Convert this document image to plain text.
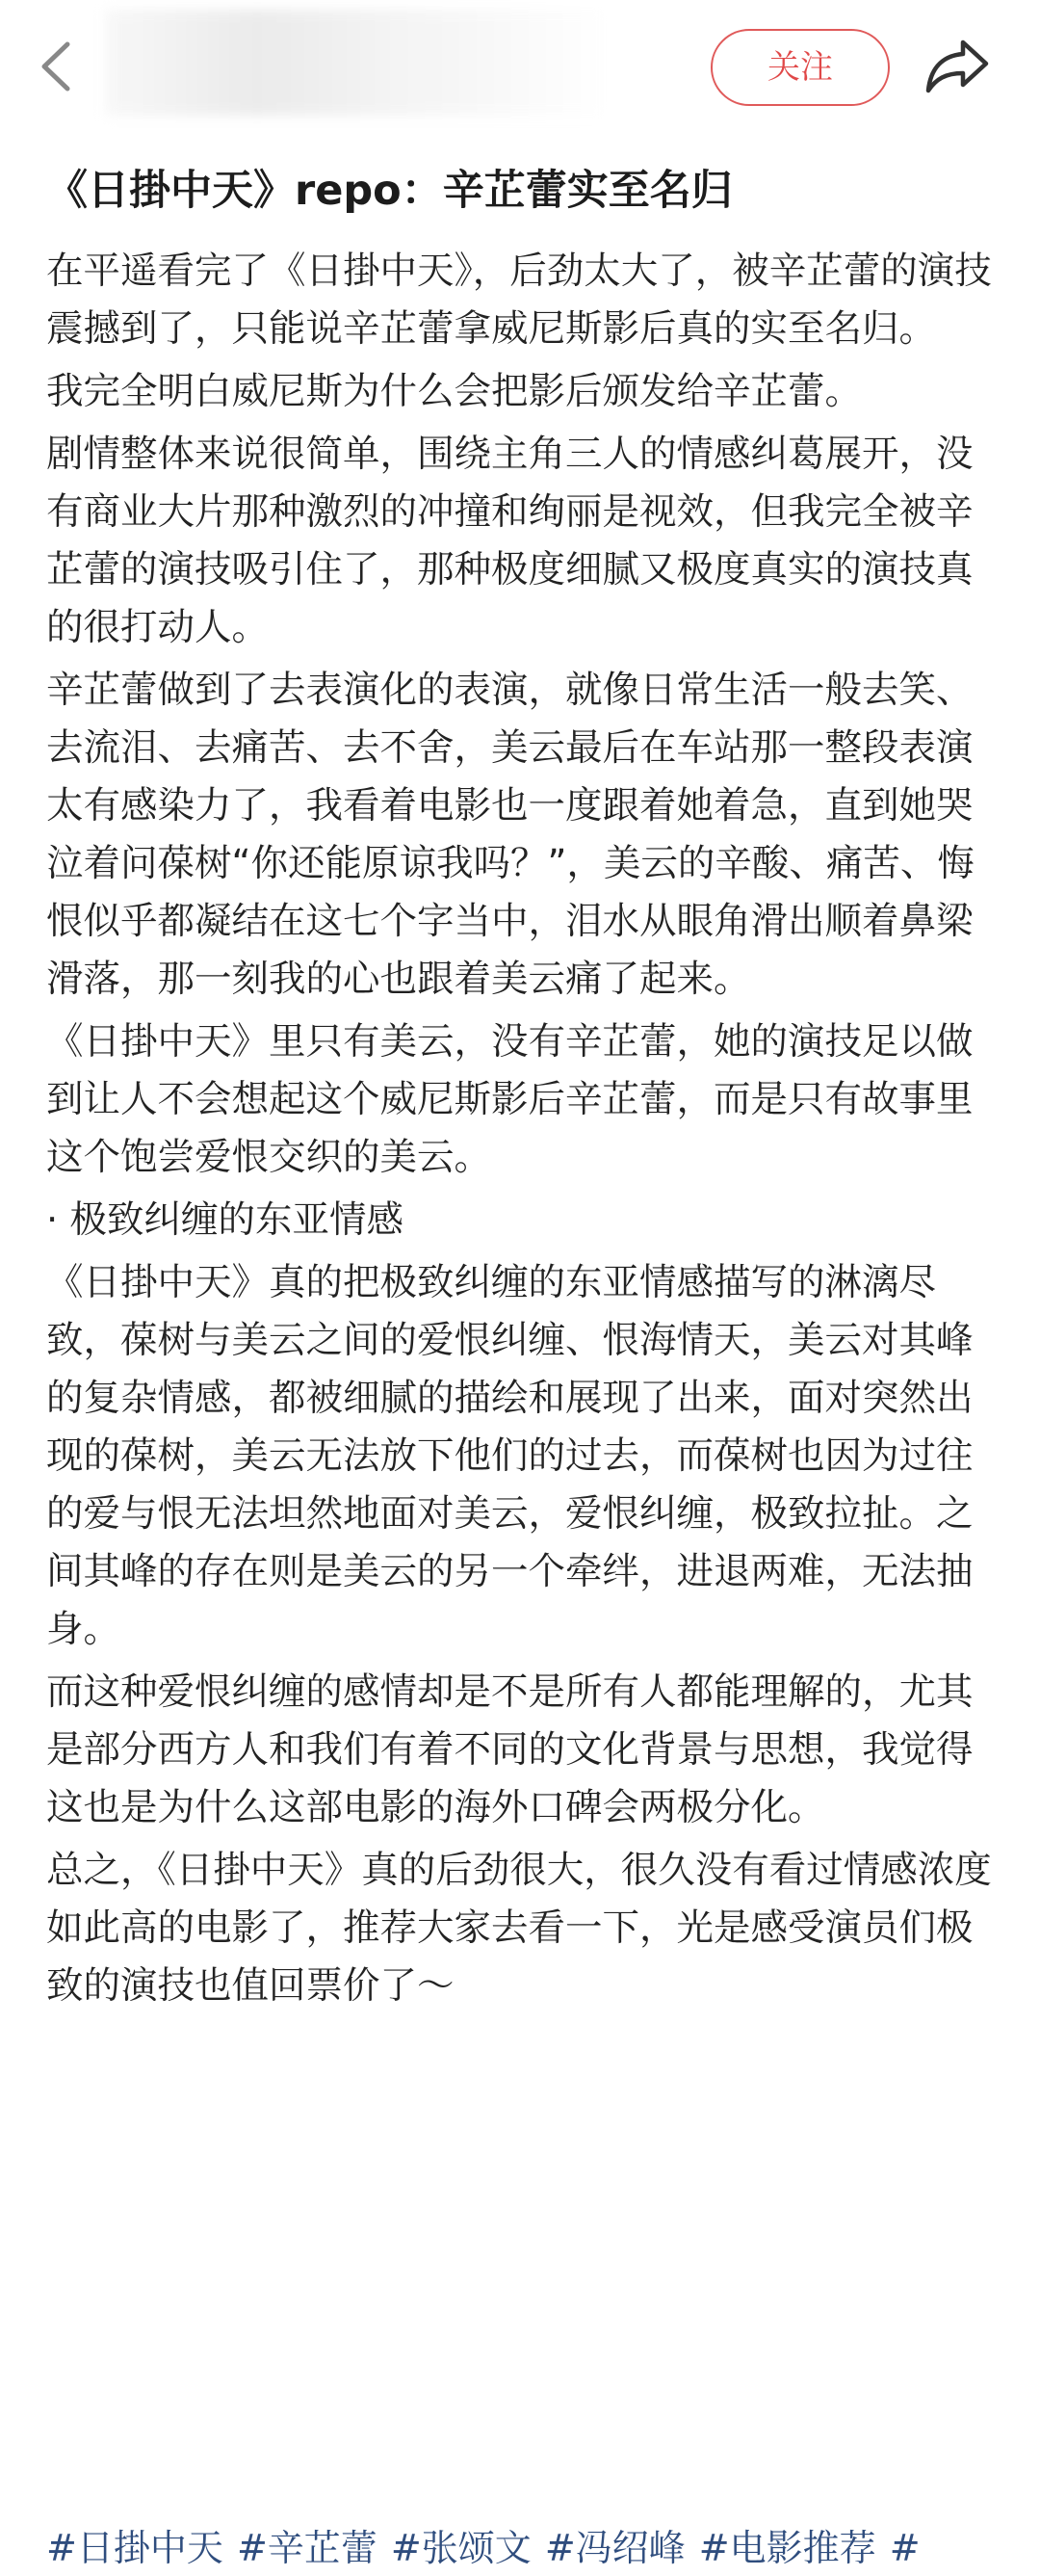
关注
《日掛中天》repo：辛芷蕾实至名归

在平遥看完了《日掛中天》，后劲太大了，被辛芷蕾的演技震撼到了，只能说辛芷蕾拿威尼斯影后真的实至名归。

我完全明白威尼斯为什么会把影后颁发给辛芷蕾。

剧情整体来说很简单，围绕主角三人的情感纠葛展开，没有商业大片那种激烈的冲撞和绚丽是视效，但我完全被辛芷蕾的演技吸引住了，那种极度细腻又极度真实的演技真的很打动人。

辛芷蕾做到了去表演化的表演，就像日常生活一般去笑、去流泪、去痛苦、去不舍，美云最后在车站那一整段表演太有感染力了，我看着电影也一度跟着她着急，直到她哭泣着问葆树“你还能原谅我吗？”，美云的辛酸、痛苦、悔恨似乎都凝结在这七个字当中，泪水从眼角滑出顺着鼻梁滑落，那一刻我的心也跟着美云痛了起来。

《日掛中天》里只有美云，没有辛芷蕾，她的演技足以做到让人不会想起这个威尼斯影后辛芷蕾，而是只有故事里这个饱尝爱恨交织的美云。

· 极致纠缠的东亚情感

《日掛中天》真的把极致纠缠的东亚情感描写的淋漓尽致，葆树与美云之间的爱恨纠缠、恨海情天，美云对其峰的复杂情感，都被细腻的描绘和展现了出来，面对突然出现的葆树，美云无法放下他们的过去，而葆树也因为过往的爱与恨无法坦然地面对美云，爱恨纠缠，极致拉扯。之间其峰的存在则是美云的另一个牵绊，进退两难，无法抽身。

而这种爱恨纠缠的感情却是不是所有人都能理解的，尤其是部分西方人和我们有着不同的文化背景与思想，我觉得这也是为什么这部电影的海外口碑会两极分化。

总之，《日掛中天》真的后劲很大，很久没有看过情感浓度如此高的电影了，推荐大家去看一下，光是感受演员们极致的演技也值回票价了～

#日掛中天 #辛芷蕾 #张颂文 #冯绍峰 #电影推荐 #
